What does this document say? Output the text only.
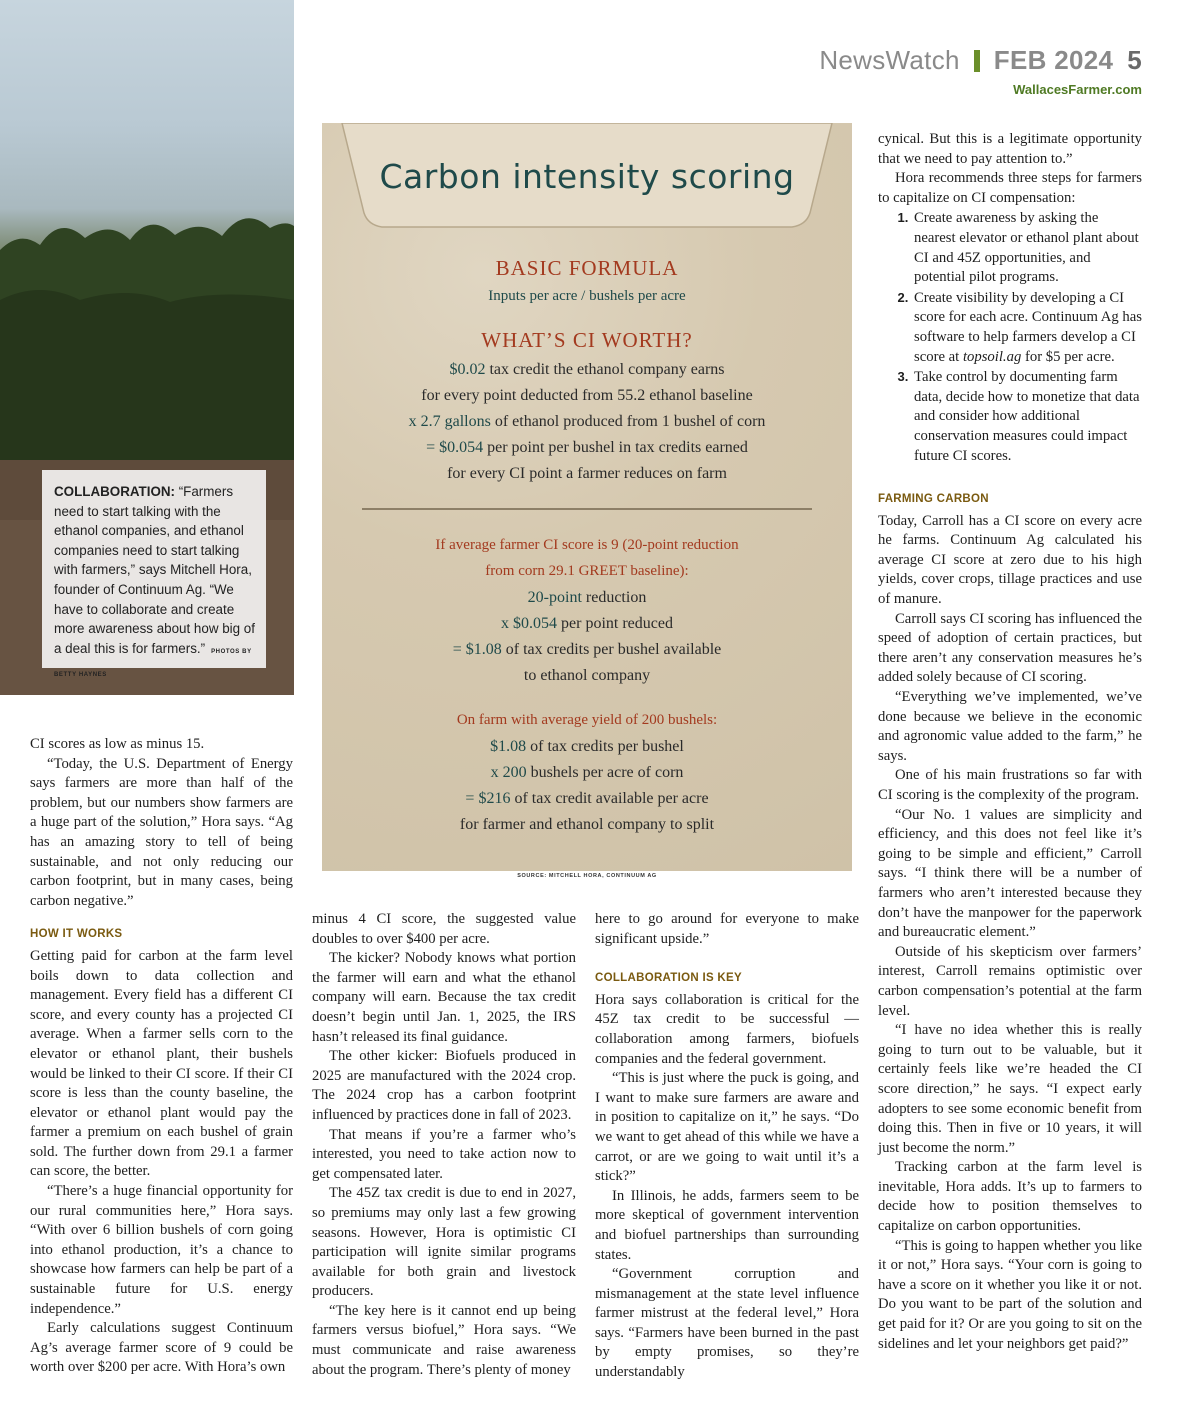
NewsWatch FEB 2024 5
WallacesFarmer.com
COLLABORATION: “Farmers need to start talking with the ethanol companies, and ethanol companies need to start talking with farmers,” says Mitchell Hora, founder of Continuum Ag. “We have to collaborate and create more awareness about how big of a deal this is for farmers.” PHOTOS BY BETTY HAYNES
Carbon intensity scoring
BASIC FORMULA
Inputs per acre / bushels per acre
WHAT’S CI WORTH?
$0.02 tax credit the ethanol company earns
for every point deducted from 55.2 ethanol baseline
x 2.7 gallons of ethanol produced from 1 bushel of corn
= $0.054 per point per bushel in tax credits earned
for every CI point a farmer reduces on farm
If average farmer CI score is 9 (20-point reduction
from corn 29.1 GREET baseline):
20-point reduction
x $0.054 per point reduced
= $1.08 of tax credits per bushel available
to ethanol company
On farm with average yield of 200 bushels:
$1.08 of tax credits per bushel
x 200 bushels per acre of corn
= $216 of tax credit available per acre
for farmer and ethanol company to split
SOURCE: MITCHELL HORA, CONTINUUM AG

CI scores as low as minus 15.

“Today, the U.S. Department of Energy says farmers are more than half of the problem, but our numbers show farmers are a huge part of the solution,” Hora says. “Ag has an amazing story to tell of being sustainable, and not only reducing our carbon footprint, but in many cases, being carbon negative.”

HOW IT WORKS

Getting paid for carbon at the farm level boils down to data collection and management. Every field has a different CI score, and every county has a projected CI average. When a farmer sells corn to the elevator or ethanol plant, their bushels would be linked to their CI score. If their CI score is less than the county baseline, the elevator or ethanol plant would pay the farmer a premium on each bushel of grain sold. The further down from 29.1 a farmer can score, the better.

“There’s a huge financial opportunity for our rural communities here,” Hora says. “With over 6 billion bushels of corn going into ethanol production, it’s a chance to showcase how farmers can help be part of a sustainable future for U.S. energy independence.”

Early calculations suggest Continuum Ag’s average farmer score of 9 could be worth over $200 per acre. With Hora’s own

minus 4 CI score, the suggested value doubles to over $400 per acre.

The kicker? Nobody knows what portion the farmer will earn and what the ethanol company will earn. Because the tax credit doesn’t begin until Jan. 1, 2025, the IRS hasn’t released its final guidance.

The other kicker: Biofuels produced in 2025 are manufactured with the 2024 crop. The 2024 crop has a carbon footprint influenced by practices done in fall of 2023.

That means if you’re a farmer who’s interested, you need to take action now to get compensated later.

The 45Z tax credit is due to end in 2027, so premiums may only last a few growing seasons. However, Hora is optimistic CI participation will ignite similar programs available for both grain and livestock producers.

“The key here is it cannot end up being farmers versus biofuel,” Hora says. “We must communicate and raise awareness about the program. There’s plenty of money

here to go around for everyone to make significant upside.”

COLLABORATION IS KEY

Hora says collaboration is critical for the 45Z tax credit to be successful — collaboration among farmers, biofuels companies and the federal government.

“This is just where the puck is going, and I want to make sure farmers are aware and in position to capitalize on it,” he says. “Do we want to get ahead of this while we have a carrot, or are we going to wait until it’s a stick?”

In Illinois, he adds, farmers seem to be more skeptical of government intervention and biofuel partnerships than surrounding states.

“Government corruption and mismanagement at the state level influence farmer mistrust at the federal level,” Hora says. “Farmers have been burned in the past by empty promises, so they’re understandably

cynical. But this is a legitimate opportunity that we need to pay attention to.”

Hora recommends three steps for farmers to capitalize on CI compensation:

1. Create awareness by asking the nearest elevator or ethanol plant about CI and 45Z opportunities, and potential pilot programs.
2. Create visibility by developing a CI score for each acre. Continuum Ag has software to help farmers develop a CI score at topsoil.ag for $5 per acre.
3. Take control by documenting farm data, decide how to monetize that data and consider how additional conservation measures could impact future CI scores.
FARMING CARBON

Today, Carroll has a CI score on every acre he farms. Continuum Ag calculated his average CI score at zero due to his high yields, cover crops, tillage practices and use of manure.

Carroll says CI scoring has influenced the speed of adoption of certain practices, but there aren’t any conservation measures he’s added solely because of CI scoring.

“Everything we’ve implemented, we’ve done because we believe in the economic and agronomic value added to the farm,” he says.

One of his main frustrations so far with CI scoring is the complexity of the program.

“Our No. 1 values are simplicity and efficiency, and this does not feel like it’s going to be simple and efficient,” Carroll says. “I think there will be a number of farmers who aren’t interested because they don’t have the manpower for the paperwork and bureaucratic element.”

Outside of his skepticism over farmers’ interest, Carroll remains optimistic over carbon compensation’s potential at the farm level.

“I have no idea whether this is really going to turn out to be valuable, but it certainly feels like we’re headed the CI score direction,” he says. “I expect early adopters to see some economic benefit from doing this. Then in five or 10 years, it will just become the norm.”

Tracking carbon at the farm level is inevitable, Hora adds. It’s up to farmers to decide how to position themselves to capitalize on carbon opportunities.

“This is going to happen whether you like it or not,” Hora says. “Your corn is going to have a score on it whether you like it or not. Do you want to be part of the solution and get paid for it? Or are you going to sit on the sidelines and let your neighbors get paid?”
